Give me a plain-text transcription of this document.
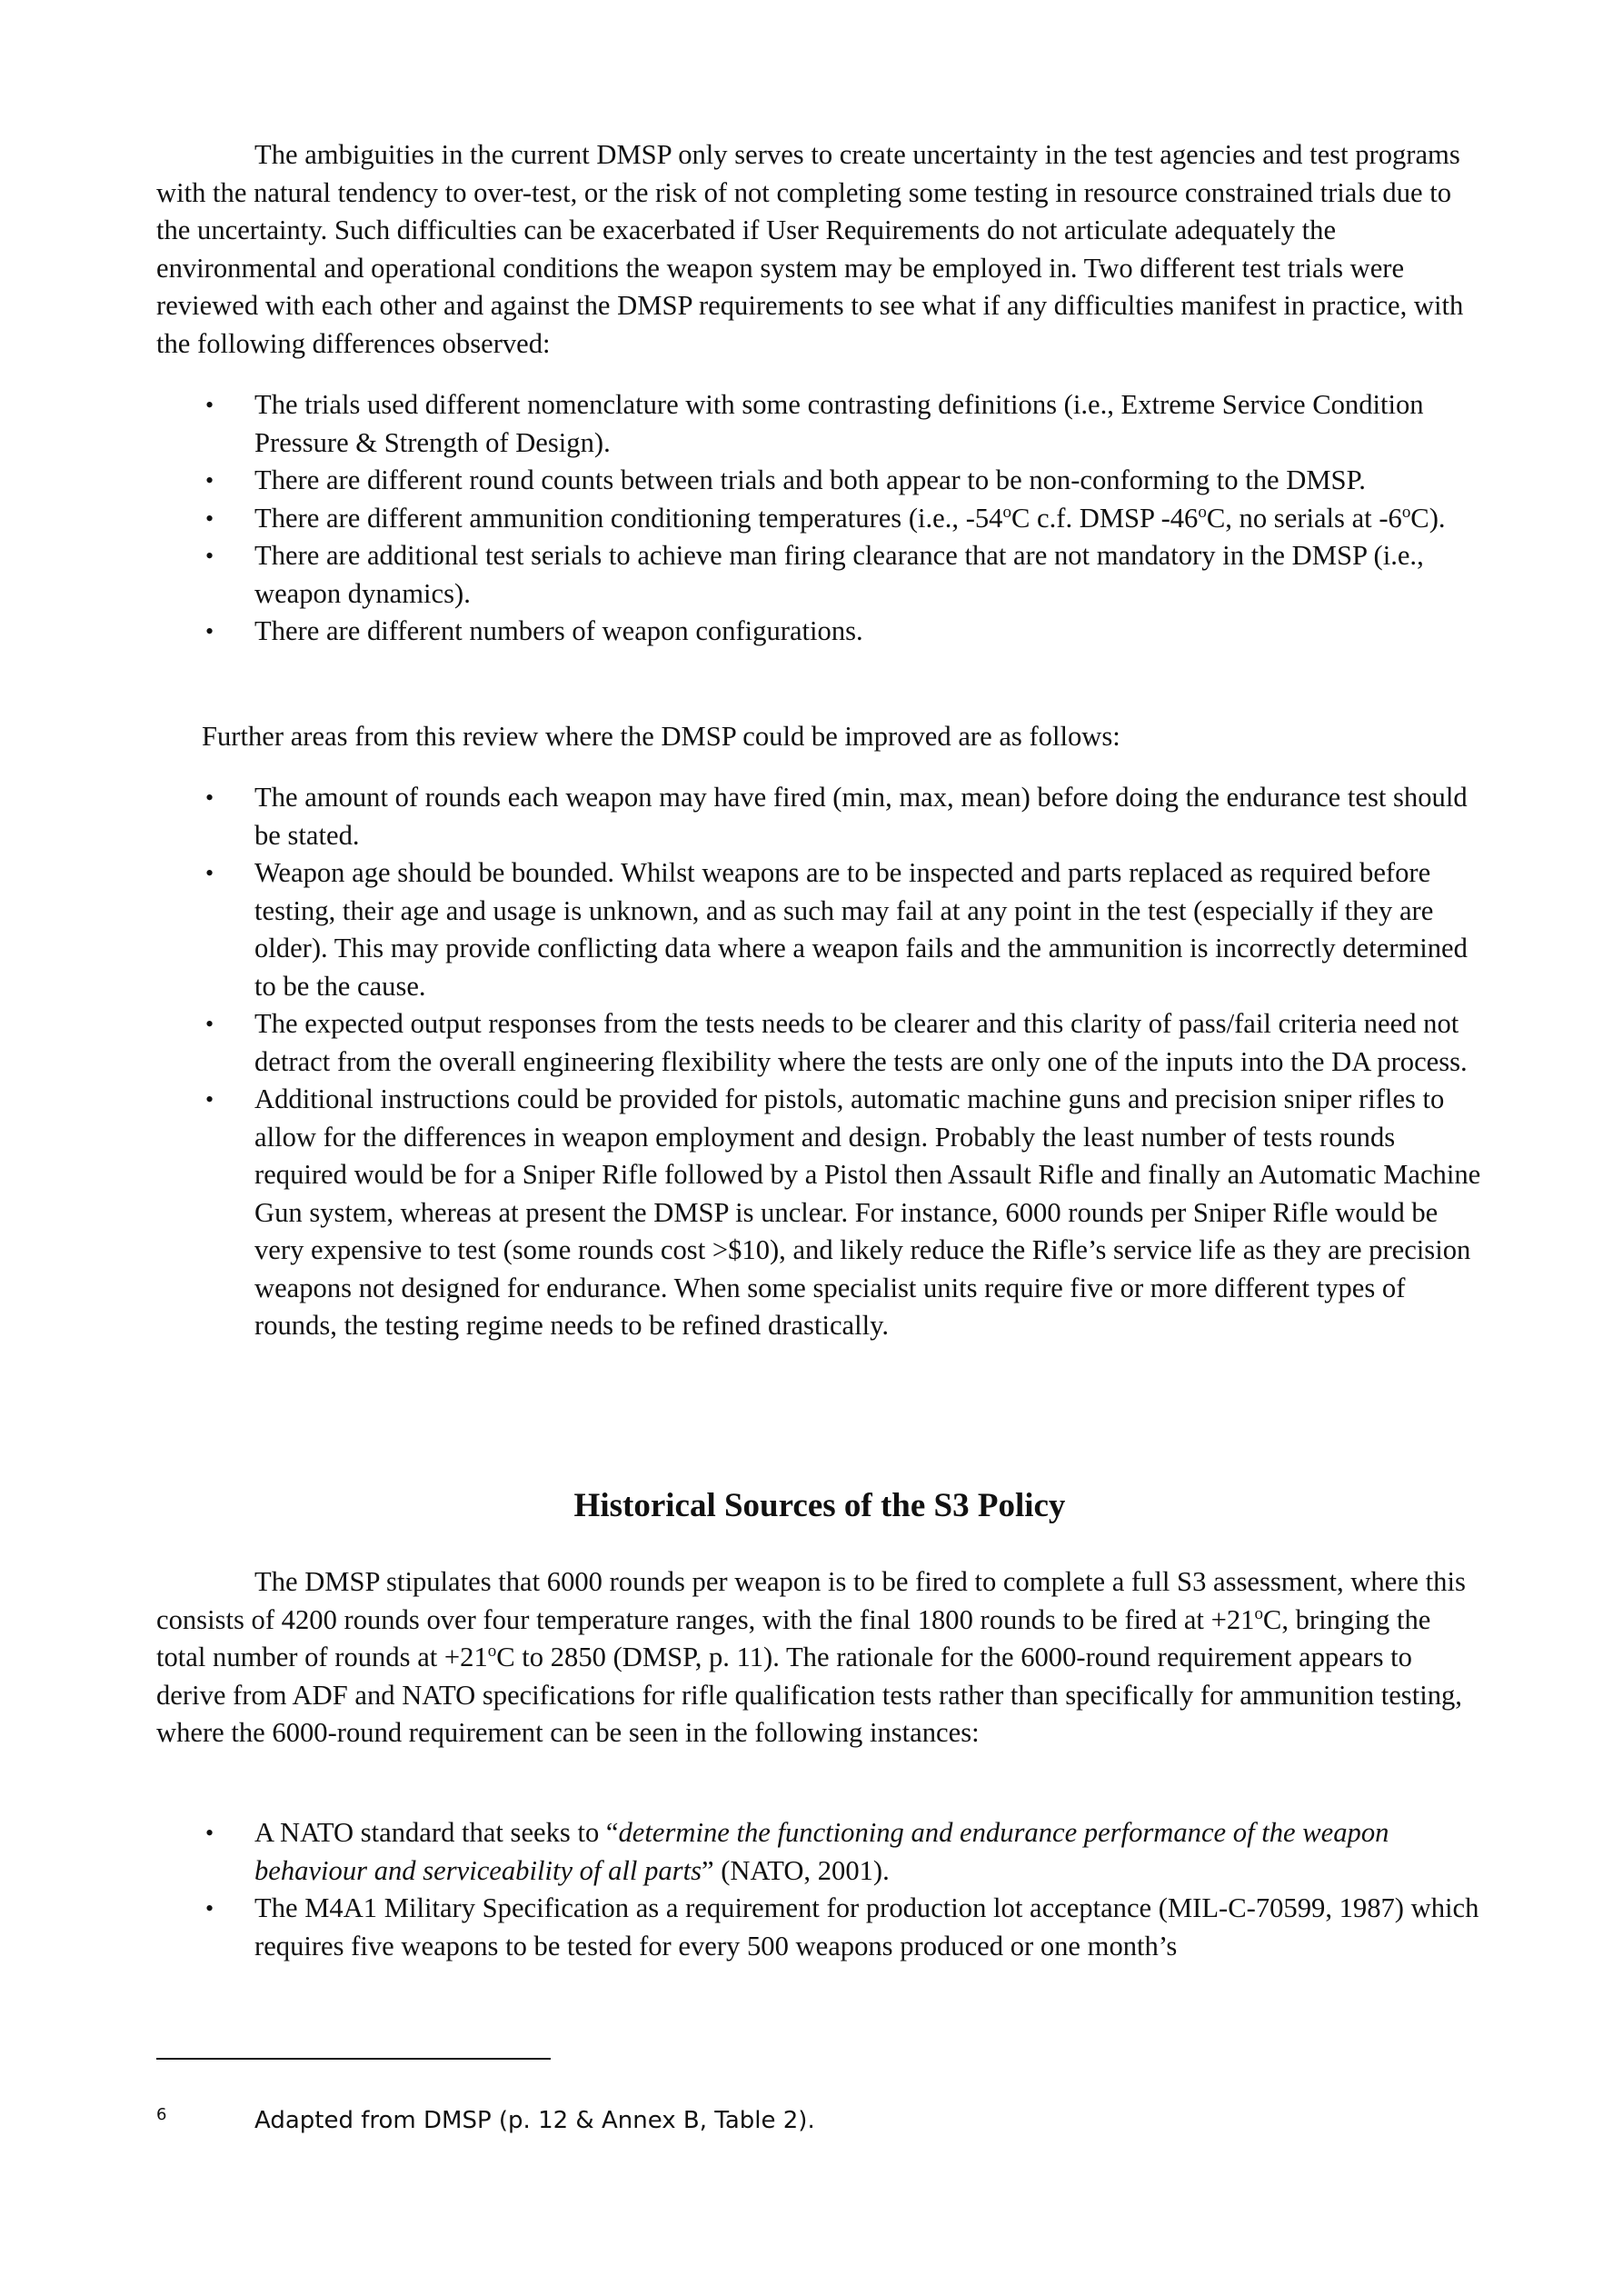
The ambiguities in the current DMSP only serves to create uncertainty in the test agencies and test programs with the natural tendency to over-test, or the risk of not completing some testing in resource constrained trials due to the uncertainty. Such difficulties can be exacerbated if User Requirements do not articulate adequately the environmental and operational conditions the weapon system may be employed in. Two different test trials were reviewed with each other and against the DMSP requirements to see what if any difficulties manifest in practice, with the following differences observed:

• The trials used different nomenclature with some contrasting definitions (i.e., Extreme Service Condition Pressure & Strength of Design).
• There are different round counts between trials and both appear to be non-conforming to the DMSP.
• There are different ammunition conditioning temperatures (i.e., -54$^o$C c.f. DMSP -46$^o$C, no serials at -6$^o$C).
• There are additional test serials to achieve man firing clearance that are not mandatory in the DMSP (i.e., weapon dynamics).
• There are different numbers of weapon configurations.

Further areas from this review where the DMSP could be improved are as follows:

• The amount of rounds each weapon may have fired (min, max, mean) before doing the endurance test should be stated.
• Weapon age should be bounded. Whilst weapons are to be inspected and parts replaced as required before testing, their age and usage is unknown, and as such may fail at any point in the test (especially if they are older). This may provide conflicting data where a weapon fails and the ammunition is incorrectly determined to be the cause.
• The expected output responses from the tests needs to be clearer and this clarity of pass/fail criteria need not detract from the overall engineering flexibility where the tests are only one of the inputs into the DA process.
• Additional instructions could be provided for pistols, automatic machine guns and precision sniper rifles to allow for the differences in weapon employment and design. Probably the least number of tests rounds required would be for a Sniper Rifle followed by a Pistol then Assault Rifle and finally an Automatic Machine Gun system, whereas at present the DMSP is unclear. For instance, 6000 rounds per Sniper Rifle would be very expensive to test (some rounds cost >$10), and likely reduce the Rifle’s service life as they are precision weapons not designed for endurance. When some specialist units require five or more different types of rounds, the testing regime needs to be refined drastically.
Historical Sources of the S3 Policy

The DMSP stipulates that 6000 rounds per weapon is to be fired to complete a full S3 assessment, where this consists of 4200 rounds over four temperature ranges, with the final 1800 rounds to be fired at $+21^oC$, bringing the total number of rounds at $+21^oC$ to 2850 (DMSP, p. 11). The rationale for the 6000-round requirement appears to derive from ADF and NATO specifications for rifle qualification tests rather than specifically for ammunition testing, where the 6000-round requirement can be seen in the following instances:

• A NATO standard that seeks to “determine the functioning and endurance performance of the weapon behaviour and serviceability of all parts” (NATO, 2001).
• The M4A1 Military Specification as a requirement for production lot acceptance (MIL-C-70599, 1987) which requires five weapons to be tested for every 500 weapons produced or one month’s
6	Adapted from DMSP (p. 12 & Annex B, Table 2).
